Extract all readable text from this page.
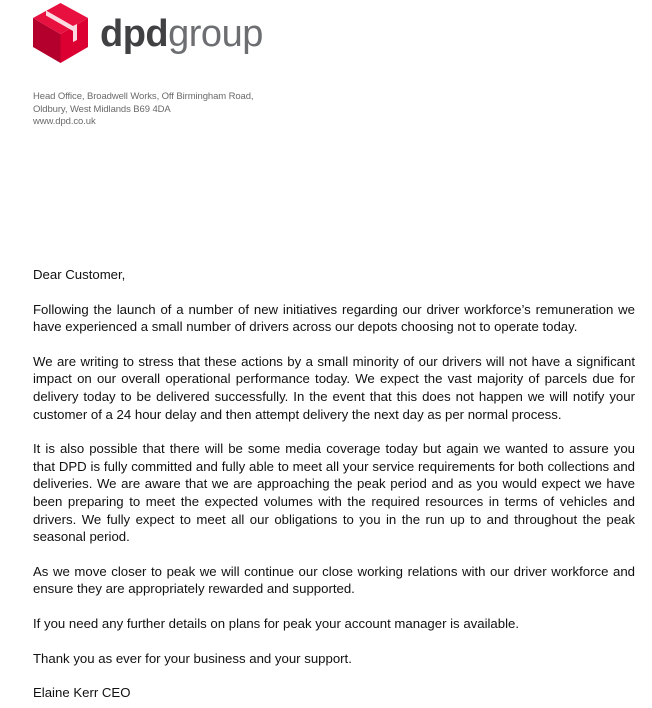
dpdgroup
Head Office, Broadwell Works, Off Birmingham Road,
Oldbury, West Midlands B69 4DA
www.dpd.co.uk

Dear Customer,

Following the launch of a number of new initiatives regarding our driver workforce’s remuneration we have experienced a small number of drivers across our depots choosing not to operate today.

We are writing to stress that these actions by a small minority of our drivers will not have a significant impact on our overall operational performance today. We expect the vast majority of parcels due for delivery today to be delivered successfully. In the event that this does not happen we will notify your customer of a 24 hour delay and then attempt delivery the next day as per normal process.

It is also possible that there will be some media coverage today but again we wanted to assure you that DPD is fully committed and fully able to meet all your service requirements for both collections and deliveries. We are aware that we are approaching the peak period and as you would expect we have been preparing to meet the expected volumes with the required resources in terms of vehicles and drivers. We fully expect to meet all our obligations to you in the run up to and throughout the peak seasonal period.

As we move closer to peak we will continue our close working relations with our driver workforce and ensure they are appropriately rewarded and supported.

If you need any further details on plans for peak your account manager is available.

Thank you as ever for your business and your support.

Elaine Kerr CEO
